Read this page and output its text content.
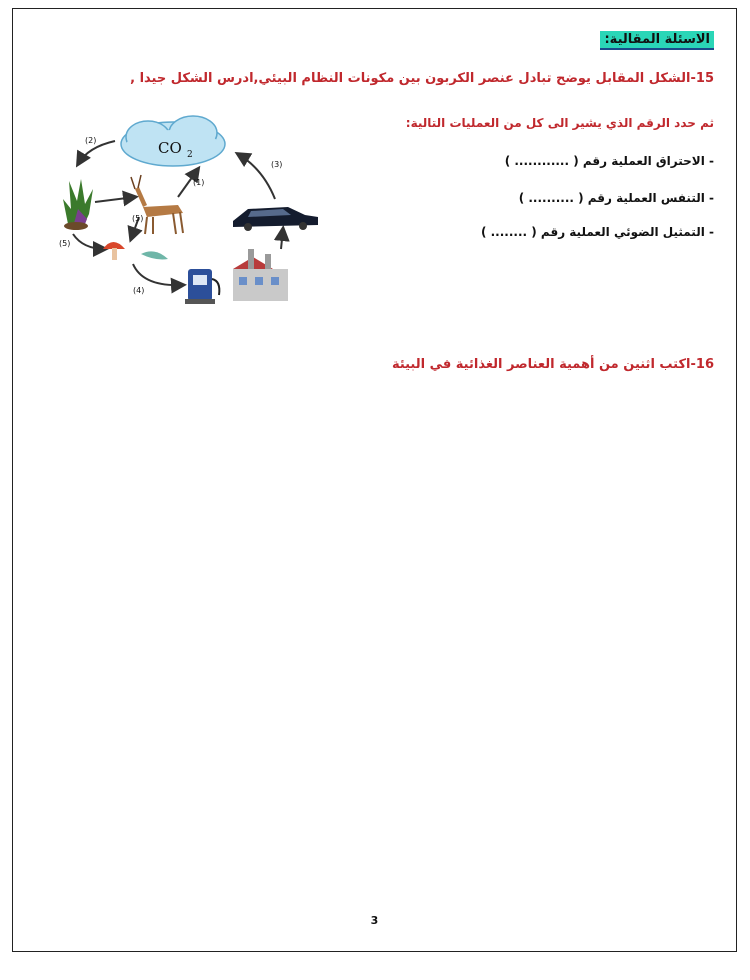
الاسئلة المقالية:
15-الشكل المقابل يوضح تبادل عنصر الكربون بين مكونات النظام البيئي,ادرس الشكل جيدا ,
ثم حدد الرقم الذي يشير الى كل من العمليات التالية:
- الاحتراق العملية رقم ( ............ )
- التنفس العملية رقم ( .......... )
- التمثيل الضوئي العملية رقم ( ........ )
16-اكتب اثنين من أهمية العناصر الغذائية في البيئة
CO 2
(2)
(1)
(5)
(5)
(4)
(3)
3
